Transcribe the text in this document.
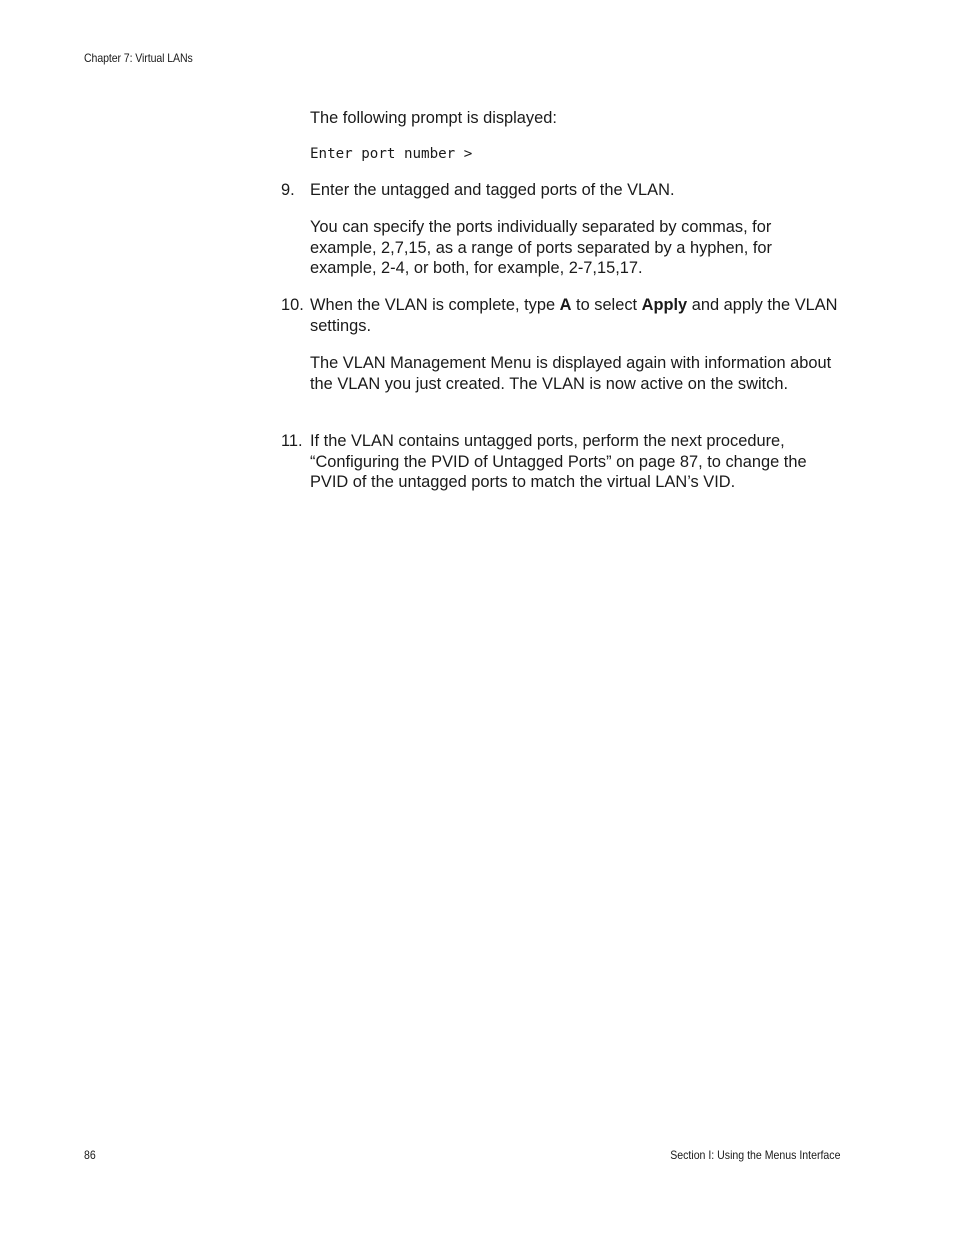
Chapter 7: Virtual LANs
The following prompt is displayed:
Enter port number >
9. Enter the untagged and tagged ports of the VLAN.
You can specify the ports individually separated by commas, for example, 2,7,15, as a range of ports separated by a hyphen, for example, 2-4, or both, for example, 2-7,15,17.
10. When the VLAN is complete, type A to select Apply and apply the VLAN settings.
The VLAN Management Menu is displayed again with information about the VLAN you just created. The VLAN is now active on the switch.
11. If the VLAN contains untagged ports, perform the next procedure, “Configuring the PVID of Untagged Ports” on page 87, to change the PVID of the untagged ports to match the virtual LAN’s VID.
86	Section I: Using the Menus Interface
